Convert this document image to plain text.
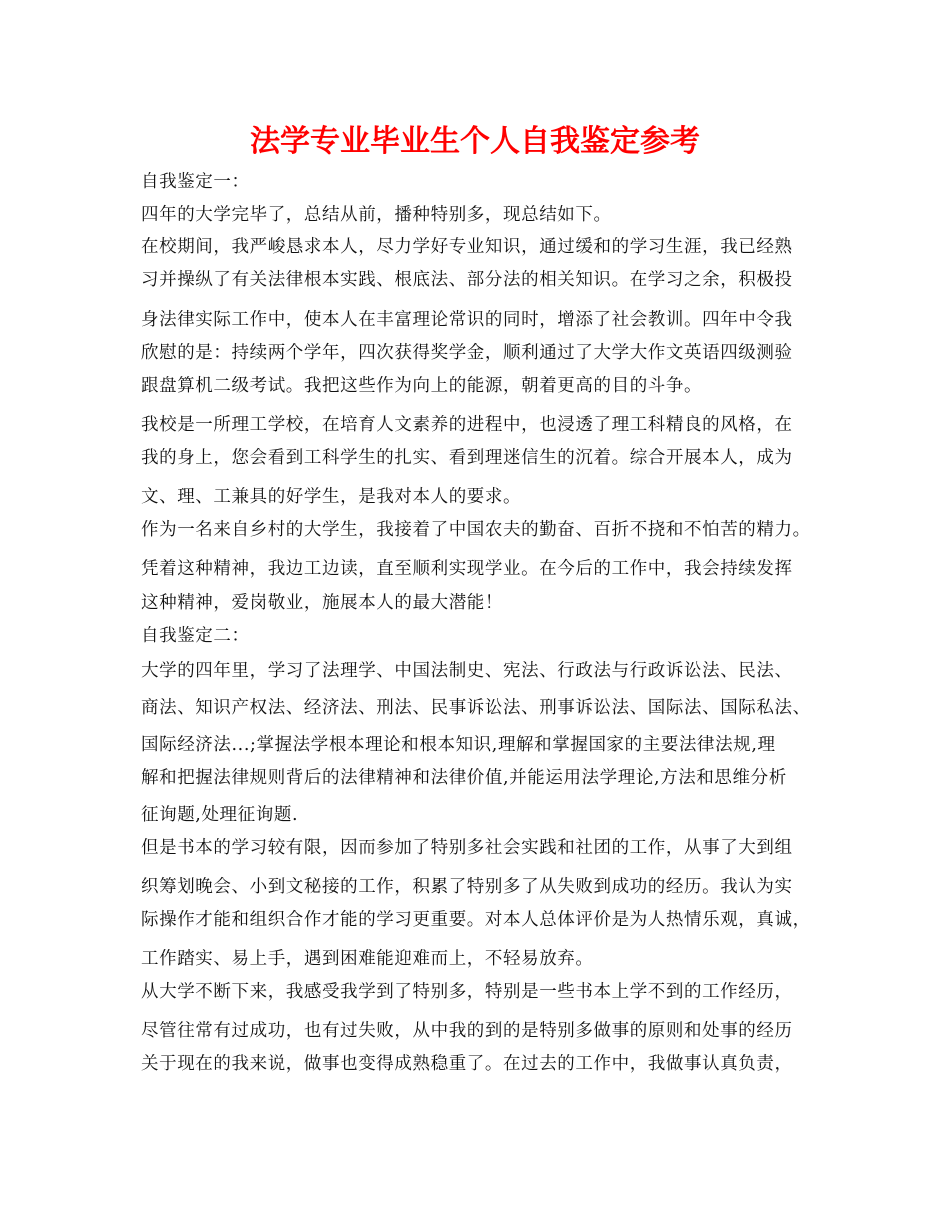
法学专业毕业生个人自我鉴定参考
自我鉴定一：
四年的大学完毕了，总结从前，播种特别多，现总结如下。
在校期间，我严峻恳求本人，尽力学好专业知识，通过缓和的学习生涯，我已经熟
习并操纵了有关法律根本实践、根底法、部分法的相关知识。在学习之余，积极投
身法律实际工作中，使本人在丰富理论常识的同时，增添了社会教训。四年中令我
欣慰的是：持续两个学年，四次获得奖学金，顺利通过了大学大作文英语四级测验
跟盘算机二级考试。我把这些作为向上的能源，朝着更高的目的斗争。
我校是一所理工学校，在培育人文素养的进程中，也浸透了理工科精良的风格，在
我的身上，您会看到工科学生的扎实、看到理迷信生的沉着。综合开展本人，成为
文、理、工兼具的好学生，是我对本人的要求。
作为一名来自乡村的大学生，我接着了中国农夫的勤奋、百折不挠和不怕苦的精力。
凭着这种精神，我边工边读，直至顺利实现学业。在今后的工作中，我会持续发挥
这种精神，爱岗敬业，施展本人的最大潜能！
自我鉴定二：
大学的四年里，学习了法理学、中国法制史、宪法、行政法与行政诉讼法、民法、
商法、知识产权法、经济法、刑法、民事诉讼法、刑事诉讼法、国际法、国际私法、
国际经济法...;掌握法学根本理论和根本知识,理解和掌握国家的主要法律法规,理
解和把握法律规则背后的法律精神和法律价值,并能运用法学理论,方法和思维分析
征询题,处理征询题.
但是书本的学习较有限，因而参加了特别多社会实践和社团的工作，从事了大到组
织筹划晚会、小到文秘接的工作，积累了特别多了从失败到成功的经历。我认为实
际操作才能和组织合作才能的学习更重要。对本人总体评价是为人热情乐观，真诚，
工作踏实、易上手，遇到困难能迎难而上，不轻易放弃。
从大学不断下来，我感受我学到了特别多，特别是一些书本上学不到的工作经历，
尽管往常有过成功，也有过失败，从中我的到的是特别多做事的原则和处事的经历
关于现在的我来说，做事也变得成熟稳重了。在过去的工作中，我做事认真负责，
